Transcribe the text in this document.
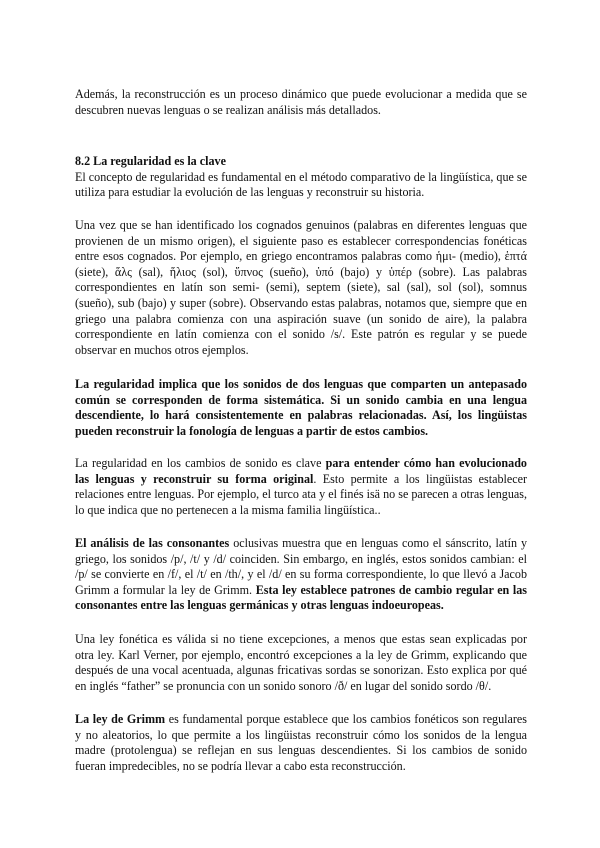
Además, la reconstrucción es un proceso dinámico que puede evolucionar a medida que se descubren nuevas lenguas o se realizan análisis más detallados.
8.2 La regularidad es la clave
El concepto de regularidad es fundamental en el método comparativo de la lingüística, que se utiliza para estudiar la evolución de las lenguas y reconstruir su historia.
Una vez que se han identificado los cognados genuinos (palabras en diferentes lenguas que provienen de un mismo origen), el siguiente paso es establecer correspondencias fonéticas entre esos cognados. Por ejemplo, en griego encontramos palabras como ἡμι- (medio), ἑπτά (siete), ἅλς (sal), ἥλιος (sol), ὕπνος (sueño), ὑπό (bajo) y ὑπέρ (sobre). Las palabras correspondientes en latín son semi- (semi), septem (siete), sal (sal), sol (sol), somnus (sueño), sub (bajo) y super (sobre). Observando estas palabras, notamos que, siempre que en griego una palabra comienza con una aspiración suave (un sonido de aire), la palabra correspondiente en latín comienza con el sonido /s/. Este patrón es regular y se puede observar en muchos otros ejemplos.
La regularidad implica que los sonidos de dos lenguas que comparten un antepasado común se corresponden de forma sistemática. Si un sonido cambia en una lengua descendiente, lo hará consistentemente en palabras relacionadas. Así, los lingüistas pueden reconstruir la fonología de lenguas a partir de estos cambios.
La regularidad en los cambios de sonido es clave para entender cómo han evolucionado las lenguas y reconstruir su forma original. Esto permite a los lingüistas establecer relaciones entre lenguas. Por ejemplo, el turco ata y el finés isä no se parecen a otras lenguas, lo que indica que no pertenecen a la misma familia lingüística..
El análisis de las consonantes oclusivas muestra que en lenguas como el sánscrito, latín y griego, los sonidos /p/, /t/ y /d/ coinciden. Sin embargo, en inglés, estos sonidos cambian: el /p/ se convierte en /f/, el /t/ en /th/, y el /d/ en su forma correspondiente, lo que llevó a Jacob Grimm a formular la ley de Grimm. Esta ley establece patrones de cambio regular en las consonantes entre las lenguas germánicas y otras lenguas indoeuropeas.
Una ley fonética es válida si no tiene excepciones, a menos que estas sean explicadas por otra ley. Karl Verner, por ejemplo, encontró excepciones a la ley de Grimm, explicando que después de una vocal acentuada, algunas fricativas sordas se sonorizan. Esto explica por qué en inglés “father” se pronuncia con un sonido sonoro /ð/ en lugar del sonido sordo /θ/.
La ley de Grimm es fundamental porque establece que los cambios fonéticos son regulares y no aleatorios, lo que permite a los lingüistas reconstruir cómo los sonidos de la lengua madre (protolengua) se reflejan en sus lenguas descendientes. Si los cambios de sonido fueran impredecibles, no se podría llevar a cabo esta reconstrucción.
